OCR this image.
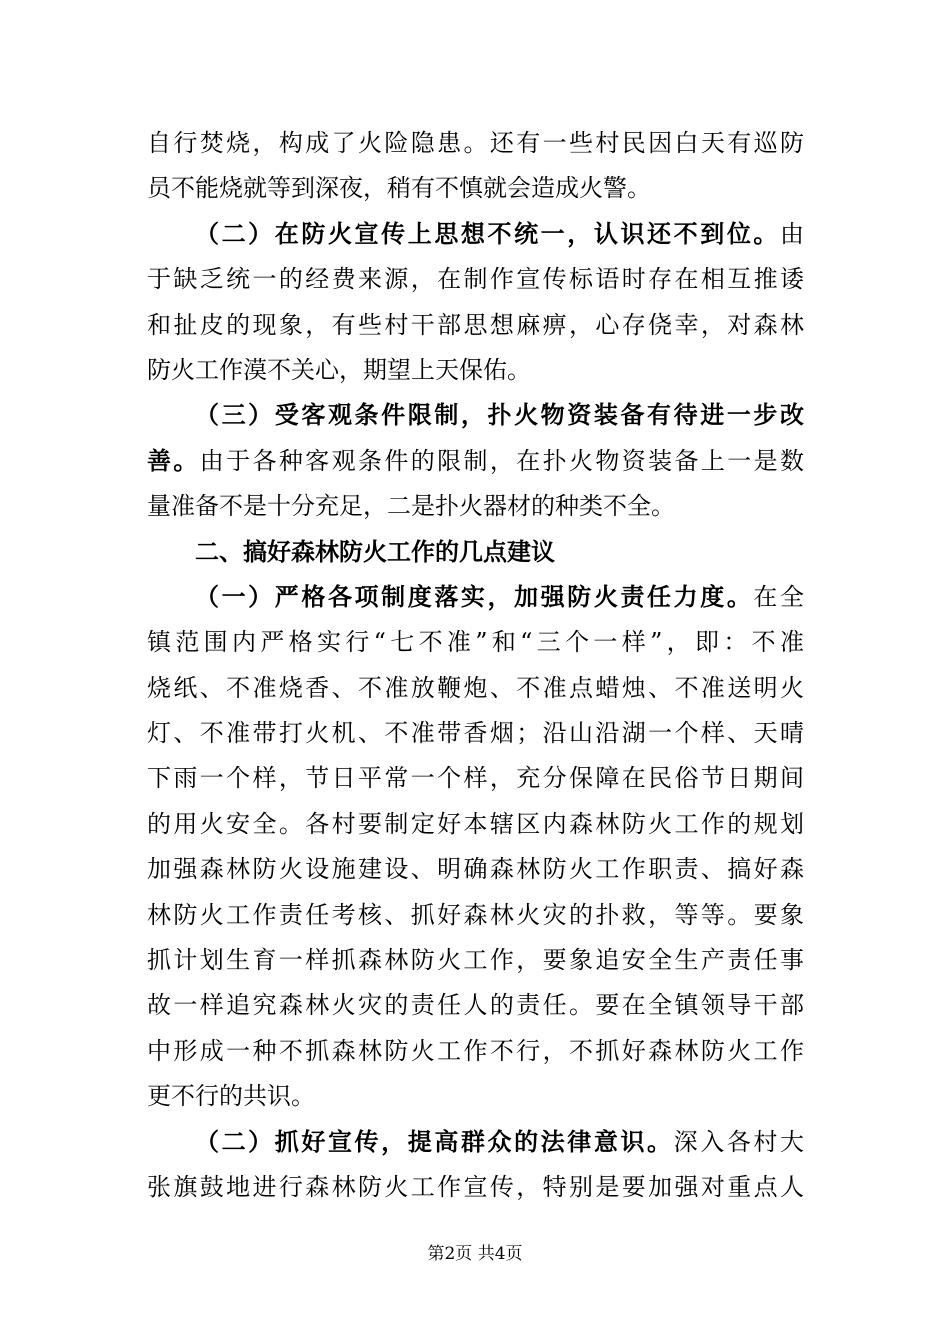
自行焚烧，构成了火险隐患。还有一些村民因白天有巡防
员不能烧就等到深夜，稍有不慎就会造成火警。
（二）在防火宣传上思想不统一，认识还不到位。由
于缺乏统一的经费来源，在制作宣传标语时存在相互推诿
和扯皮的现象，有些村干部思想麻痹，心存侥幸，对森林
防火工作漠不关心，期望上天保佑。
（三）受客观条件限制，扑火物资装备有待进一步改
善。由于各种客观条件的限制，在扑火物资装备上一是数
量准备不是十分充足，二是扑火器材的种类不全。
二、搞好森林防火工作的几点建议
（一）严格各项制度落实，加强防火责任力度。在全
镇范围内严格实行“七不准”和“三个一样”，即：不准
烧纸、不准烧香、不准放鞭炮、不准点蜡烛、不准送明火
灯、不准带打火机、不准带香烟；沿山沿湖一个样、天晴
下雨一个样，节日平常一个样，充分保障在民俗节日期间
的用火安全。各村要制定好本辖区内森林防火工作的规划
加强森林防火设施建设、明确森林防火工作职责、搞好森
林防火工作责任考核、抓好森林火灾的扑救，等等。要象
抓计划生育一样抓森林防火工作，要象追安全生产责任事
故一样追究森林火灾的责任人的责任。要在全镇领导干部
中形成一种不抓森林防火工作不行，不抓好森林防火工作
更不行的共识。
（二）抓好宣传，提高群众的法律意识。深入各村大
张旗鼓地进行森林防火工作宣传，特别是要加强对重点人
第2页 共4页
